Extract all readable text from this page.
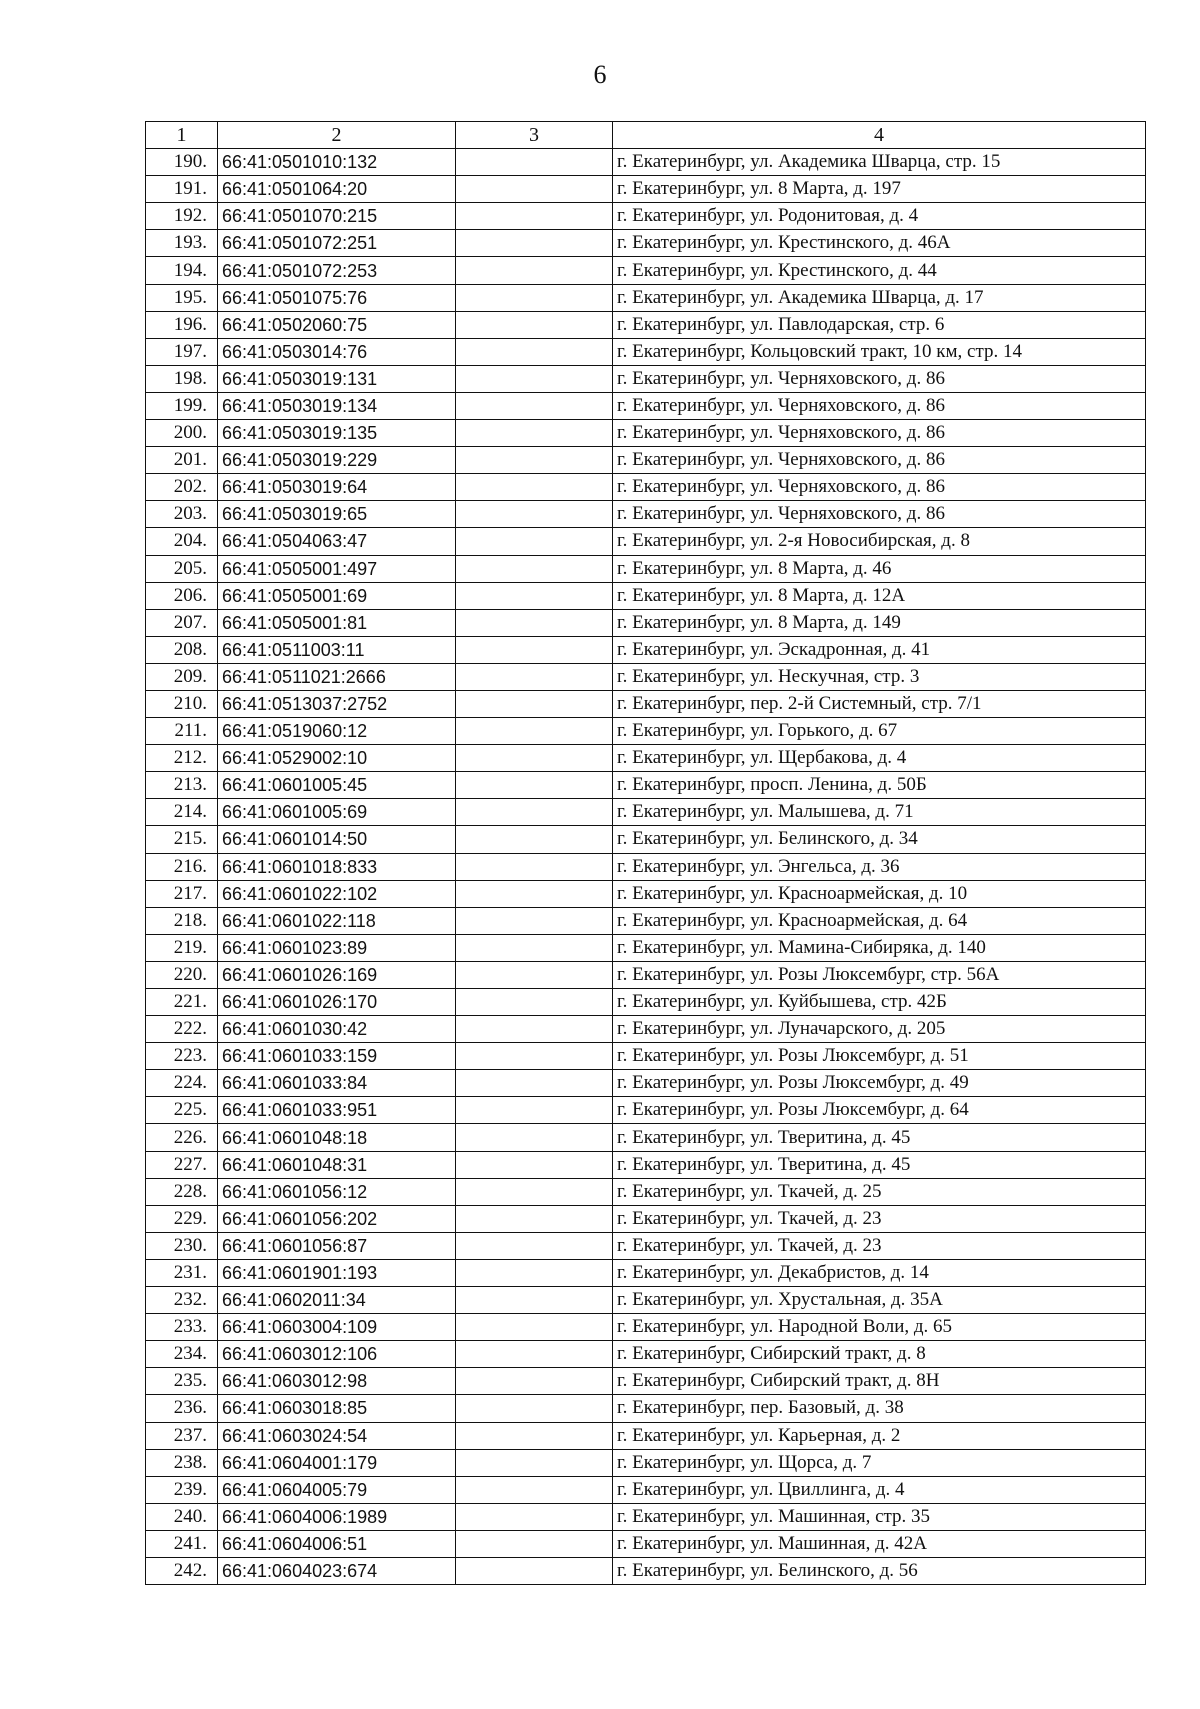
6
1	2	3	4
190.	66:41:0501010:132		г. Екатеринбург, ул. Академика Шварца, стр. 15
191.	66:41:0501064:20		г. Екатеринбург, ул. 8 Марта, д. 197
192.	66:41:0501070:215		г. Екатеринбург, ул. Родонитовая, д. 4
193.	66:41:0501072:251		г. Екатеринбург, ул. Крестинского, д. 46А
194.	66:41:0501072:253		г. Екатеринбург, ул. Крестинского, д. 44
195.	66:41:0501075:76		г. Екатеринбург, ул. Академика Шварца, д. 17
196.	66:41:0502060:75		г. Екатеринбург, ул. Павлодарская, стр. 6
197.	66:41:0503014:76		г. Екатеринбург, Кольцовский тракт, 10 км, стр. 14
198.	66:41:0503019:131		г. Екатеринбург, ул. Черняховского, д. 86
199.	66:41:0503019:134		г. Екатеринбург, ул. Черняховского, д. 86
200.	66:41:0503019:135		г. Екатеринбург, ул. Черняховского, д. 86
201.	66:41:0503019:229		г. Екатеринбург, ул. Черняховского, д. 86
202.	66:41:0503019:64		г. Екатеринбург, ул. Черняховского, д. 86
203.	66:41:0503019:65		г. Екатеринбург, ул. Черняховского, д. 86
204.	66:41:0504063:47		г. Екатеринбург, ул. 2-я Новосибирская, д. 8
205.	66:41:0505001:497		г. Екатеринбург, ул. 8 Марта, д. 46
206.	66:41:0505001:69		г. Екатеринбург, ул. 8 Марта, д. 12А
207.	66:41:0505001:81		г. Екатеринбург, ул. 8 Марта, д. 149
208.	66:41:0511003:11		г. Екатеринбург, ул. Эскадронная, д. 41
209.	66:41:0511021:2666		г. Екатеринбург, ул. Нескучная, стр. 3
210.	66:41:0513037:2752		г. Екатеринбург, пер. 2-й Системный, стр. 7/1
211.	66:41:0519060:12		г. Екатеринбург, ул. Горького, д. 67
212.	66:41:0529002:10		г. Екатеринбург, ул. Щербакова, д. 4
213.	66:41:0601005:45		г. Екатеринбург, просп. Ленина, д. 50Б
214.	66:41:0601005:69		г. Екатеринбург, ул. Малышева, д. 71
215.	66:41:0601014:50		г. Екатеринбург, ул. Белинского, д. 34
216.	66:41:0601018:833		г. Екатеринбург, ул. Энгельса, д. 36
217.	66:41:0601022:102		г. Екатеринбург, ул. Красноармейская, д. 10
218.	66:41:0601022:118		г. Екатеринбург, ул. Красноармейская, д. 64
219.	66:41:0601023:89		г. Екатеринбург, ул. Мамина-Сибиряка, д. 140
220.	66:41:0601026:169		г. Екатеринбург, ул. Розы Люксембург, стр. 56А
221.	66:41:0601026:170		г. Екатеринбург, ул. Куйбышева, стр. 42Б
222.	66:41:0601030:42		г. Екатеринбург, ул. Луначарского, д. 205
223.	66:41:0601033:159		г. Екатеринбург, ул. Розы Люксембург, д. 51
224.	66:41:0601033:84		г. Екатеринбург, ул. Розы Люксембург, д. 49
225.	66:41:0601033:951		г. Екатеринбург, ул. Розы Люксембург, д. 64
226.	66:41:0601048:18		г. Екатеринбург, ул. Тверитина, д. 45
227.	66:41:0601048:31		г. Екатеринбург, ул. Тверитина, д. 45
228.	66:41:0601056:12		г. Екатеринбург, ул. Ткачей, д. 25
229.	66:41:0601056:202		г. Екатеринбург, ул. Ткачей, д. 23
230.	66:41:0601056:87		г. Екатеринбург, ул. Ткачей, д. 23
231.	66:41:0601901:193		г. Екатеринбург, ул. Декабристов, д. 14
232.	66:41:0602011:34		г. Екатеринбург, ул. Хрустальная, д. 35А
233.	66:41:0603004:109		г. Екатеринбург, ул. Народной Воли, д. 65
234.	66:41:0603012:106		г. Екатеринбург, Сибирский тракт, д. 8
235.	66:41:0603012:98		г. Екатеринбург, Сибирский тракт, д. 8Н
236.	66:41:0603018:85		г. Екатеринбург, пер. Базовый, д. 38
237.	66:41:0603024:54		г. Екатеринбург, ул. Карьерная, д. 2
238.	66:41:0604001:179		г. Екатеринбург, ул. Щорса, д. 7
239.	66:41:0604005:79		г. Екатеринбург, ул. Цвиллинга, д. 4
240.	66:41:0604006:1989		г. Екатеринбург, ул. Машинная, стр. 35
241.	66:41:0604006:51		г. Екатеринбург, ул. Машинная, д. 42А
242.	66:41:0604023:674		г. Екатеринбург, ул. Белинского, д. 56
